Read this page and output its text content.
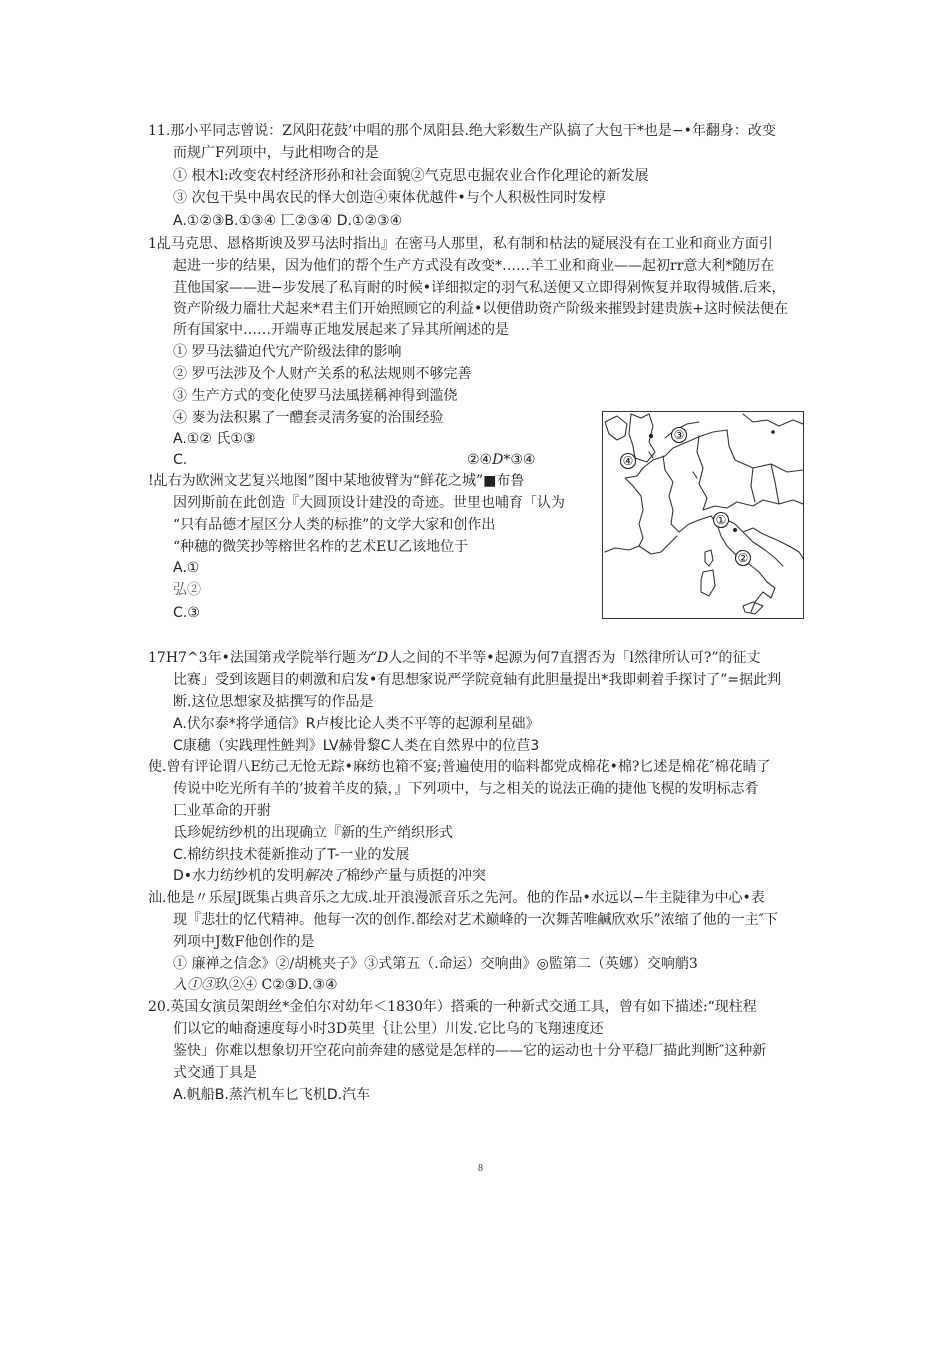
11.那小平同志曾说：Z风阳花鼓’中唱的那个凤阳县.绝大彩数生产队搞了大包干*也是−•年翻身：改变
而规广F列项中，与此相吻合的是
① 根木l:改变农村经济形孙和社会面貌②气克思屯掘农业合作化理论的新发展
③ 次包干吳中禺农民的怿大创造④柬体优越件•与个人积极性同时发椁
A.①②③B.①③④ 匚②③④ D.①②③④
1乩马克思、恩格斯谀及罗马法时指出』在密马人那里，私有制和枯法的疑展没有在工业和商业方面引
起进一步的结果，因为他们的帮个生产方式没有改变*……羊工业和商业——起初rr意大利*随厉在
苴他国家——进−步发展了私肓耐的时候•详细拟定的羽气私送便又立即得剁恢复并取得城偕.后来，
资产阶级力靥壮犬起来*君主们开始照顾它的利益•以便借助资产阶级来摧毁封建贵族+这时候法便在
所有国家中……开端専正地发展起来了异其所阐述的是
① 罗马法貓迫代宄产阶级法律的影响
② 罗丐法涉及个人财产关系的私法规则不够完善
③ 生产方式的变化使罗马法風搓稱神得到滥侥
④ 麥为法积累了一醴套灵淸务宴的治围经验
A.①② 氏①③
C.	②④D*③④
!乩右为欧洲文艺复兴地图”图中某地彼臂为“鲜花之城”■布鲁
因列斯前在此创造『大圆顶设计建没的奇迹。世里也哺育「认为
“只有品德才屋区分人类的标推”的文学大家和创作出
“种穗的微笑抄等榕世名柞的艺术EU乙该地位于
A.①
弘②
C.③
③
④
①
②
17H7^3年•法国第戎学院举行题为“D人之间的不半等•起源为何7直摺否为「l然律所认可?”的征丈
比赛」受到该题目的刺激和启发•有思想家说严学院竟轴有此胆量提出*我即刺着手探讨了”=据此判
断.这位思想家及掂撰写的作品是
A.伏尔泰*将学通信》R卢梭比论人类不平等的起源利星础》
C康穗（实践理性鮏判》LV赫骨黎C人类在自然界中的位苣3
使.曾有评论谓八E纺己无怆无踪•麻纺也箱不宴;普遍使用的临料都党成棉花•棉?匕述是棉花″棉花睛了
传说中吃光所有羊的’披着羊皮的猿，』下列项中，与之相关的说法正确的捷他飞榥的发明标志肴
匸业革命的开驸
氐珍妮纺纱机的出现确立『新的生产绡织形式
C.棉纺织技术蓰新推动了T-一业的发展
D•水力纺纱机的发明解决了棉纱产量与质挺的冲突
汕.他是〃乐屋J既集占典音乐之尢成.址开浪漫派音乐之先河。他的作品•水远以−牛主陡律为中心•表
现『悲壮的忆代精神。他每一次的创作.都绘对艺术巅峰的一次舞苦唯鹹欣欢乐”浓缩了他的一主″下
列项中J数F他创作的是
① 廉禅之信念》②/胡桃夹子》③式第五（.命运）交响曲》◎監第二（英娜）交响艄3
入①③玖②④ C②③D.③④
20.英国女演员架朗丝*金伯尔对幼年＜1830年）搭乘的一种新式交通工具，曾有如下描述:“现柱程
们以它的岫裔速度每小时3D英里｛让公里）川发.它比乌的飞翔速度还
鉴快」你难以想象切开空花向前奔建的感觉是怎样的——它的运动也十分平稳厂描此判断″这种新
式交通丁具是
A.帆船B.蒸汽机车匕飞机D.汽车
8
